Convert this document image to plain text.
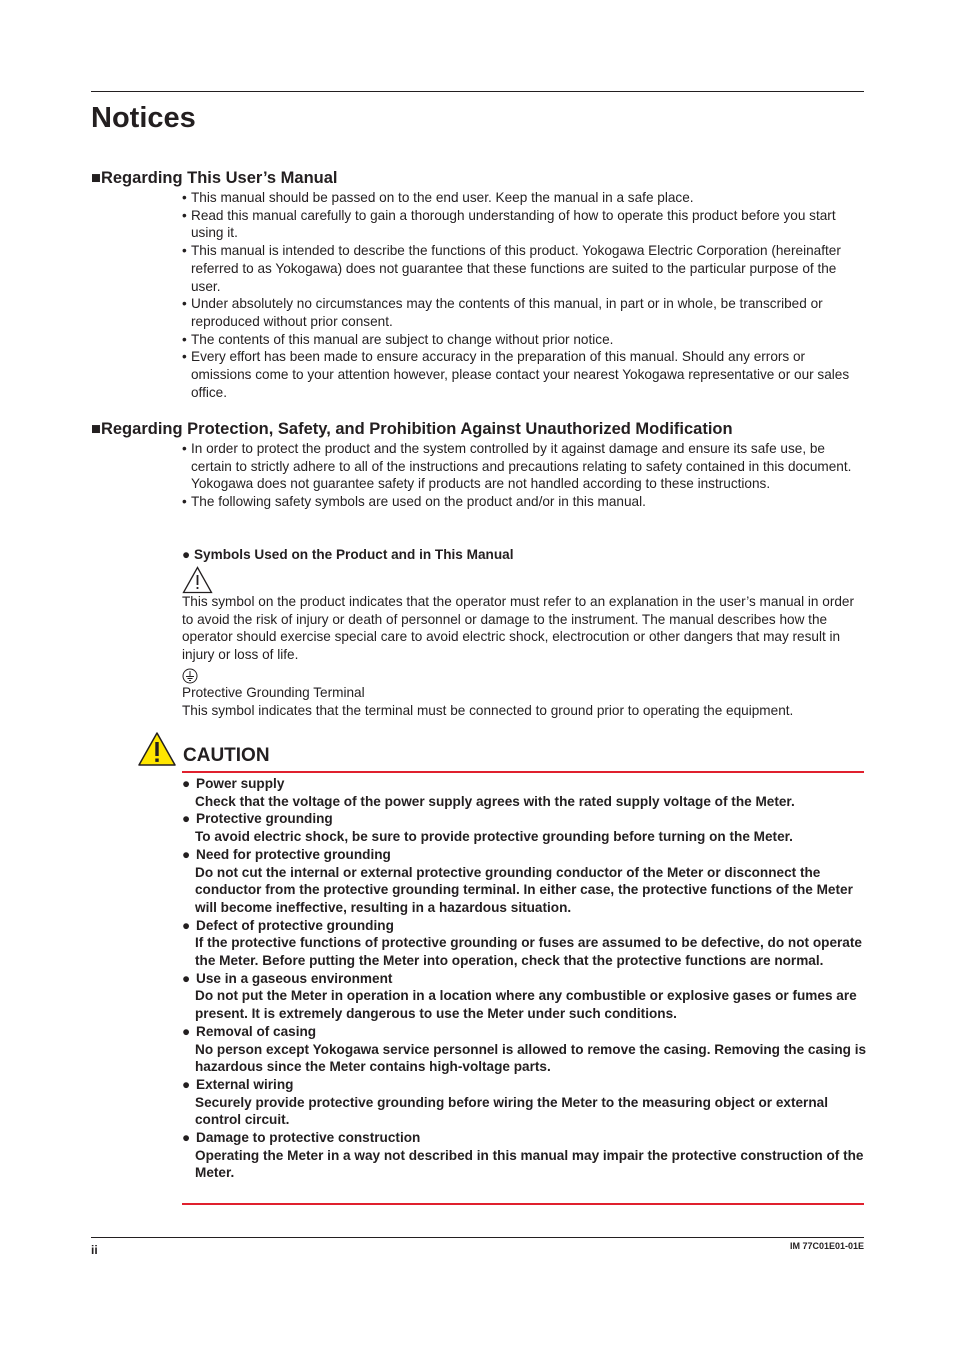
Notices
■Regarding This User’s Manual
• This manual should be passed on to the end user. Keep the manual in a safe place.
• Read this manual carefully to gain a thorough understanding of how to operate this product before you start using it.
• This manual is intended to describe the functions of this product. Yokogawa Electric Corporation (hereinafter referred to as Yokogawa) does not guarantee that these functions are suited to the particular purpose of the user.
• Under absolutely no circumstances may the contents of this manual, in part or in whole, be transcribed or reproduced without prior consent.
• The contents of this manual are subject to change without prior notice.
• Every effort has been made to ensure accuracy in the preparation of this manual. Should any errors or omissions come to your attention however, please contact your nearest Yokogawa representative or our sales office.
■Regarding Protection, Safety, and Prohibition Against Unauthorized Modification
• In order to protect the product and the system controlled by it against damage and ensure its safe use, be certain to strictly adhere to all of the instructions and precautions relating to safety contained in this document. Yokogawa does not guarantee safety if products are not handled according to these instructions.
• The following safety symbols are used on the product and/or in this manual.
● Symbols Used on the Product and in This Manual

This symbol on the product indicates that the operator must refer to an explanation in the user’s manual in order to avoid the risk of injury or death of personnel or damage to the instrument. The manual describes how the operator should exercise special care to avoid electric shock, electrocution or other dangers that may result in injury or loss of life.

Protective Grounding Terminal

This symbol indicates that the terminal must be connected to ground prior to operating the equipment.

CAUTION
● Power supply
Check that the voltage of the power supply agrees with the rated supply voltage of the Meter.
● Protective grounding
To avoid electric shock, be sure to provide protective grounding before turning on the Meter.
● Need for protective grounding
Do not cut the internal or external protective grounding conductor of the Meter or disconnect the conductor from the protective grounding terminal. In either case, the protective functions of the Meter will become ineffective, resulting in a hazardous situation.
● Defect of protective grounding
If the protective functions of protective grounding or fuses are assumed to be defective, do not operate the Meter. Before putting the Meter into operation, check that the protective functions are normal.
● Use in a gaseous environment
Do not put the Meter in operation in a location where any combustible or explosive gases or fumes are present. It is extremely dangerous to use the Meter under such conditions.
● Removal of casing
No person except Yokogawa service personnel is allowed to remove the casing. Removing the casing is hazardous since the Meter contains high-voltage parts.
● External wiring
Securely provide protective grounding before wiring the Meter to the measuring object or external control circuit.
● Damage to protective construction
Operating the Meter in a way not described in this manual may impair the protective construction of the Meter.
ii	IM 77C01E01-01E
